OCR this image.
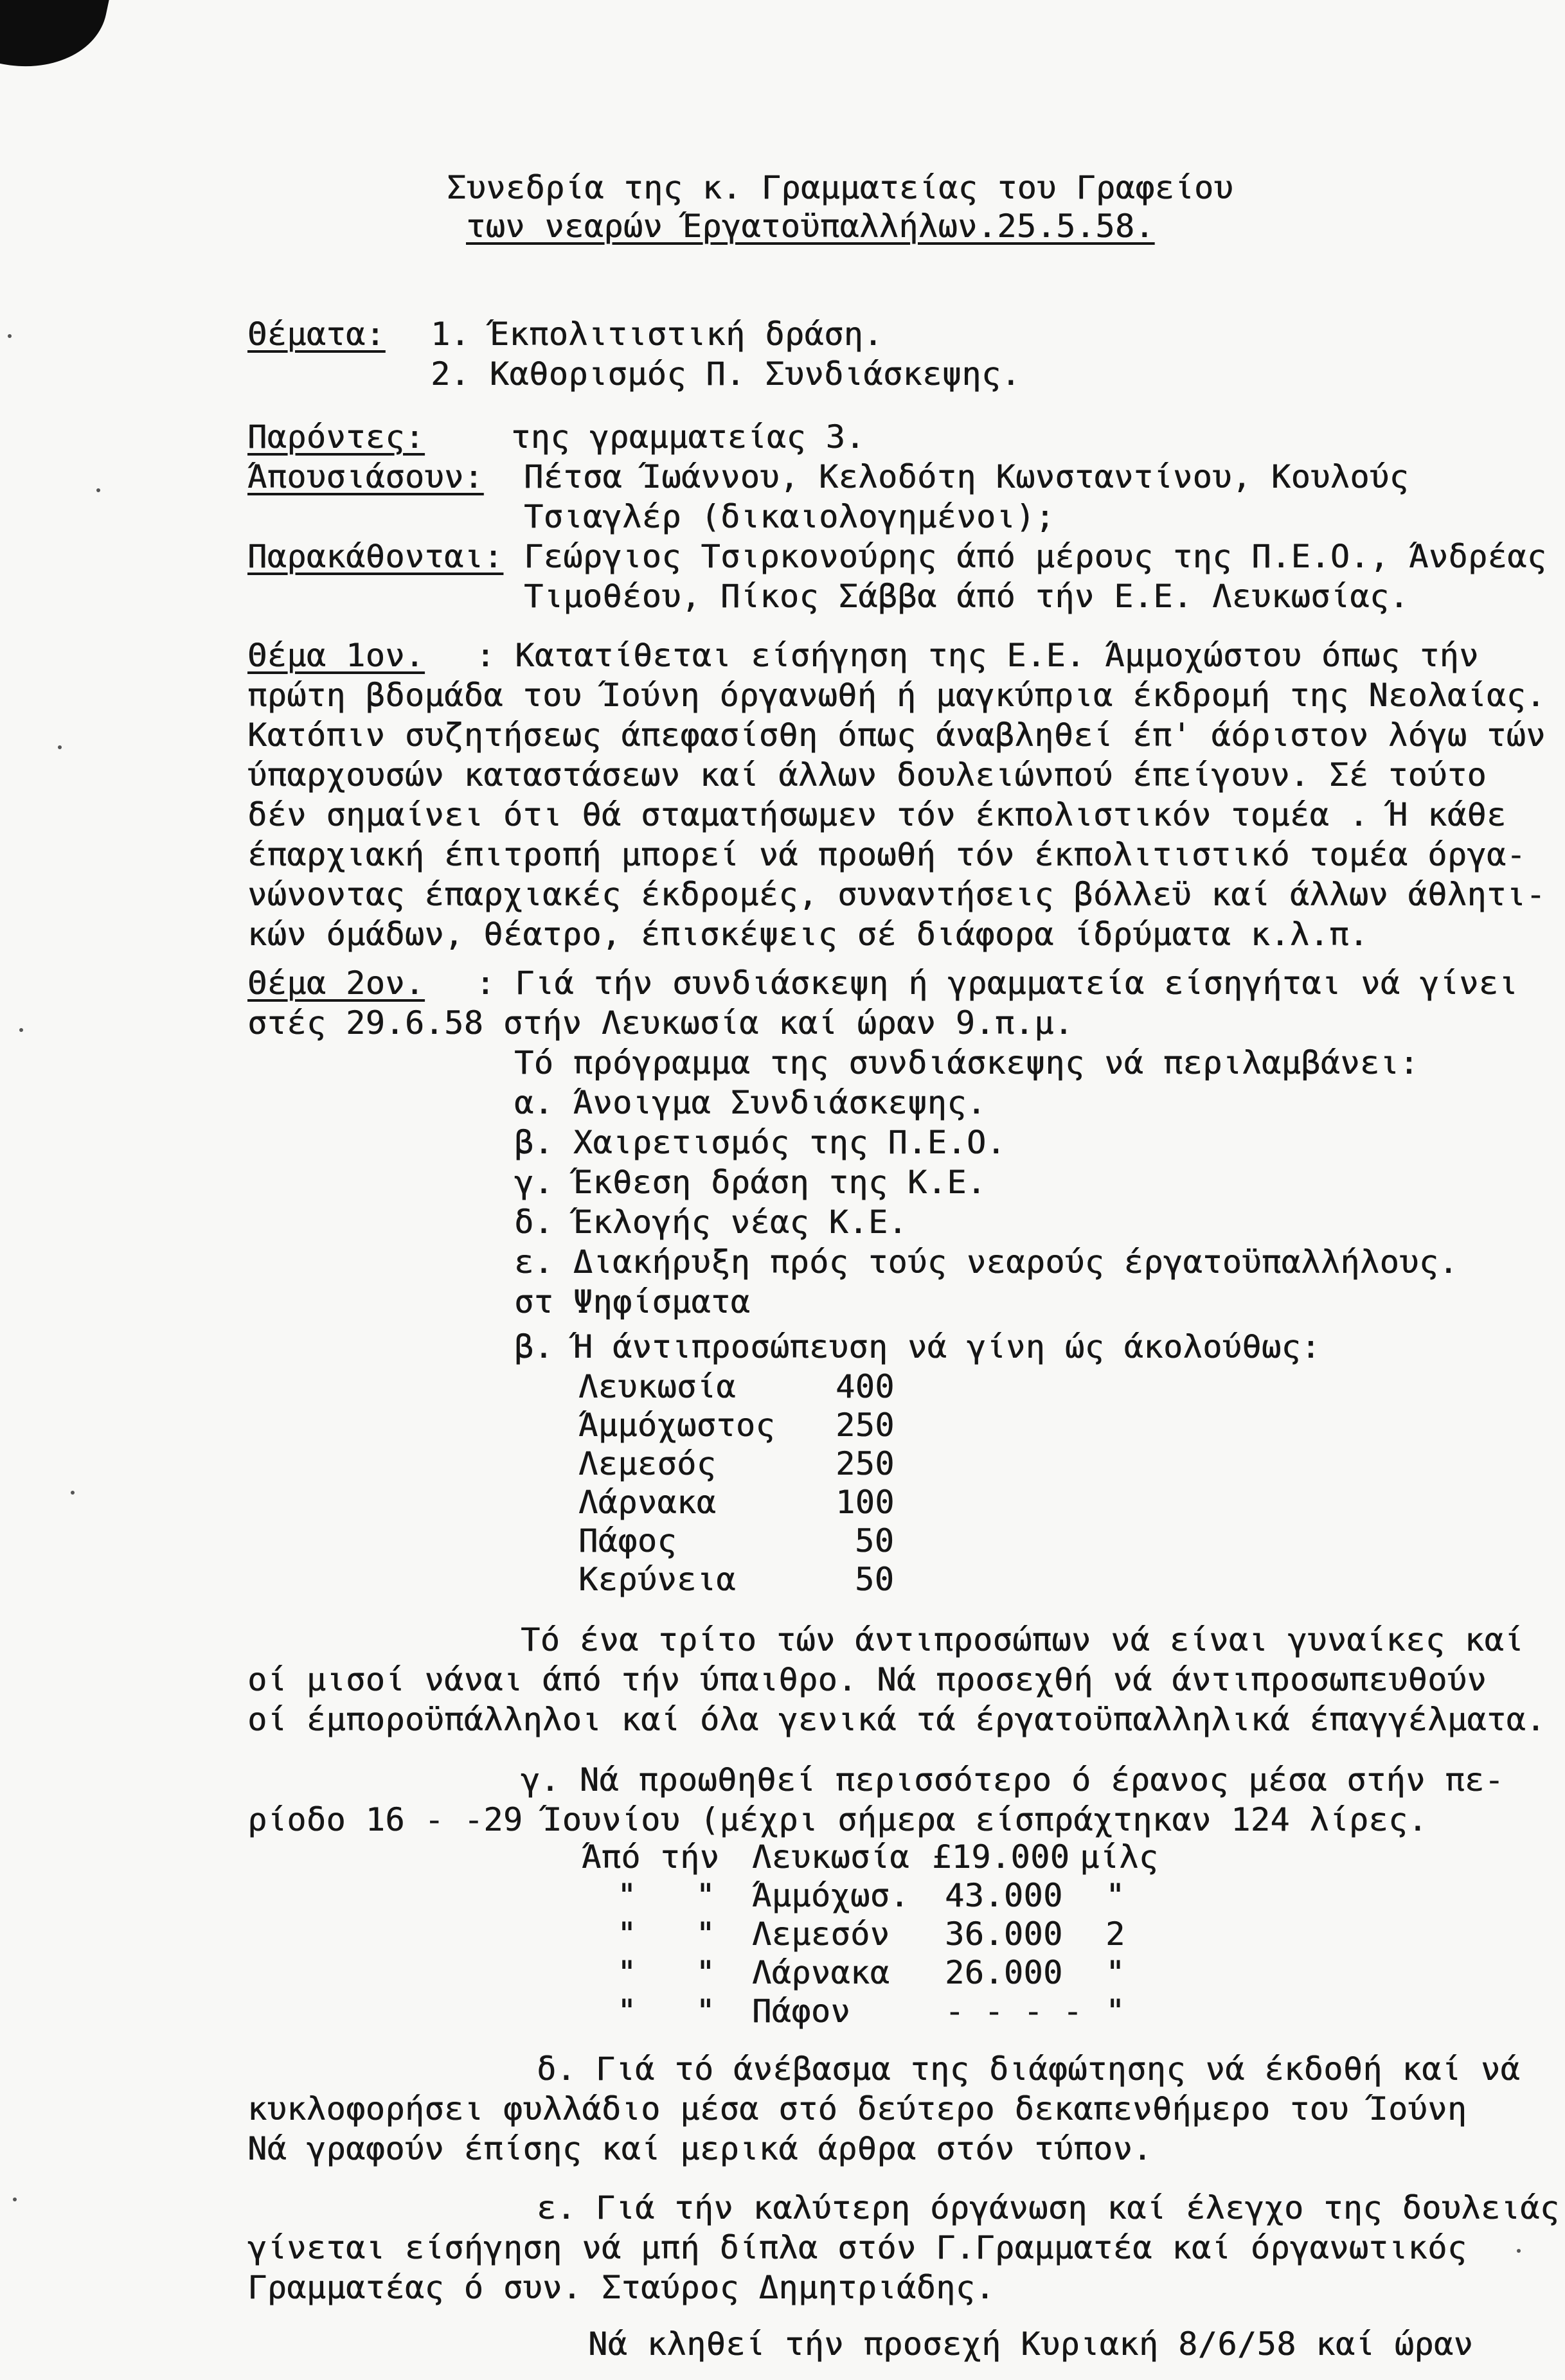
Συνεδρία της κ. Γραμματείας του Γραφείου
των νεαρών Έργατοϋπαλλήλων.25.5.58.
Θέματα: 1. Έκπολιτιστική δράση.
2. Καθορισμός Π. Συνδιάσκεψης.
Παρόντες:	της γραμματείας 3.
Άπουσιάσουν: Πέτσα Ίωάννου, Κελοδότη Κωνσταντίνου, Κουλούς
Τσιαγλέρ (δικαιολογημένοι);
Παρακάθονται: Γεώργιος Τσιρκονούρης άπό μέρους της Π.Ε.Ο., Άνδρέας
Τιμοθέου, Πίκος Σάββα άπό τήν Ε.Ε. Λευκωσίας.
Θέμα 1ον. : Κατατίθεται είσήγηση της Ε.Ε. Άμμοχώστου όπως τήν
πρώτη βδομάδα του Ίούνη όργανωθή ή μαγκύπρια έκδρομή της Νεολαίας.
Κατόπιν συζητήσεως άπεφασίσθη όπως άναβληθεί έπ' άόριστον λόγω τών
ύπαρχουσών καταστάσεων καί άλλων δουλειώνπού έπείγουν. Σέ τούτο
δέν σημαίνει ότι θά σταματήσωμεν τόν έκπολιστικόν τομέα . Ή κάθε
έπαρχιακή έπιτροπή μπορεί νά προωθή τόν έκπολιτιστικό τομέα όργα-
νώνοντας έπαρχιακές έκδρομές, συναντήσεις βόλλεϋ καί άλλων άθλητι-
κών όμάδων, θέατρο, έπισκέψεις σέ διάφορα ίδρύματα κ.λ.π.
Θέμα 2ον. : Γιά τήν συνδιάσκεψη ή γραμματεία είσηγήται νά γίνει
στές 29.6.58 στήν Λευκωσία καί ώραν 9.π.μ.
Τό πρόγραμμα της συνδιάσκεψης νά περιλαμβάνει:
α. Άνοιγμα Συνδιάσκεψης.
β. Χαιρετισμός της Π.Ε.Ο.
γ. Έκθεση δράση της Κ.Ε.
δ. Έκλογής νέας Κ.Ε.
ε. Διακήρυξη πρός τούς νεαρούς έργατοϋπαλλήλους.
στ Ψηφίσματα
β. Ή άντιπροσώπευση νά γίνη ώς άκολούθως:
Λευκωσία	400
Άμμόχωστος 250
Λεμεσός	250
Λάρνακα	100
Πάφος	50
Κερύνεια	50
Τό ένα τρίτο τών άντιπροσώπων νά είναι γυναίκες καί
οί μισοί νάναι άπό τήν ύπαιθρο. Νά προσεχθή νά άντιπροσωπευθούν
οί έμποροϋπάλληλοι καί όλα γενικά τά έργατοϋπαλληλικά έπαγγέλματα.
γ. Νά προωθηθεί περισσότερο ό έρανος μέσα στήν πε-
ρίοδο 16 - -29 Ίουνίου (μέχρι σήμερα είσπράχτηκαν 124 λίρες.
Άπό τήν Λευκωσία £19.000 μίλς
"   " Άμμόχωσ. 43.000 "
"   " Λεμεσόν 36.000 2
"   " Λάρνακα 26.000 "
"   " Πάφον	- - - - "
δ. Γιά τό άνέβασμα της διάφώτησης νά έκδοθή καί νά
κυκλοφορήσει φυλλάδιο μέσα στό δεύτερο δεκαπενθήμερο του Ίούνη
Νά γραφούν έπίσης καί μερικά άρθρα στόν τύπον.
ε. Γιά τήν καλύτερη όργάνωση καί έλεγχο της δουλειάς
γίνεται είσήγηση νά μπή δίπλα στόν Γ.Γραμματέα καί όργανωτικός
Γραμματέας ό συν. Σταύρος Δημητριάδης.
Νά κληθεί τήν προσεχή Κυριακή 8/6/58 καί ώραν
